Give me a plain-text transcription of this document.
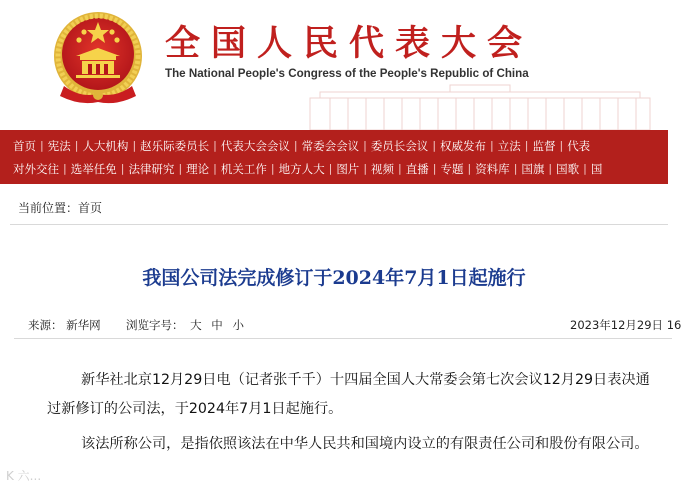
全国人民代表大会
The National People's Congress of the People's Republic of China
首页 | 宪法 | 人大机构 | 赵乐际委员长 | 代表大会会议 | 常委会会议 | 委员长会议 | 权威发布 | 立法 | 监督 | 代表
对外交往 | 选举任免 | 法律研究 | 理论 | 机关工作 | 地方人大 | 图片 | 视频 | 直播 | 专题 | 资料库 | 国旗 | 国歌 | 国
当前位置：首页
我国公司法完成修订于2024年7月1日起施行
来源： 新华网 浏览字号： 大 中 小	2023年12月29日 16

新华社北京12月29日电（记者张千千）十四届全国人大常委会第七次会议12月29日表决通过新修订的公司法，于2024年7月1日起施行。

该法所称公司，是指依照该法在中华人民共和国境内设立的有限责任公司和股份有限公司。

K 六...
